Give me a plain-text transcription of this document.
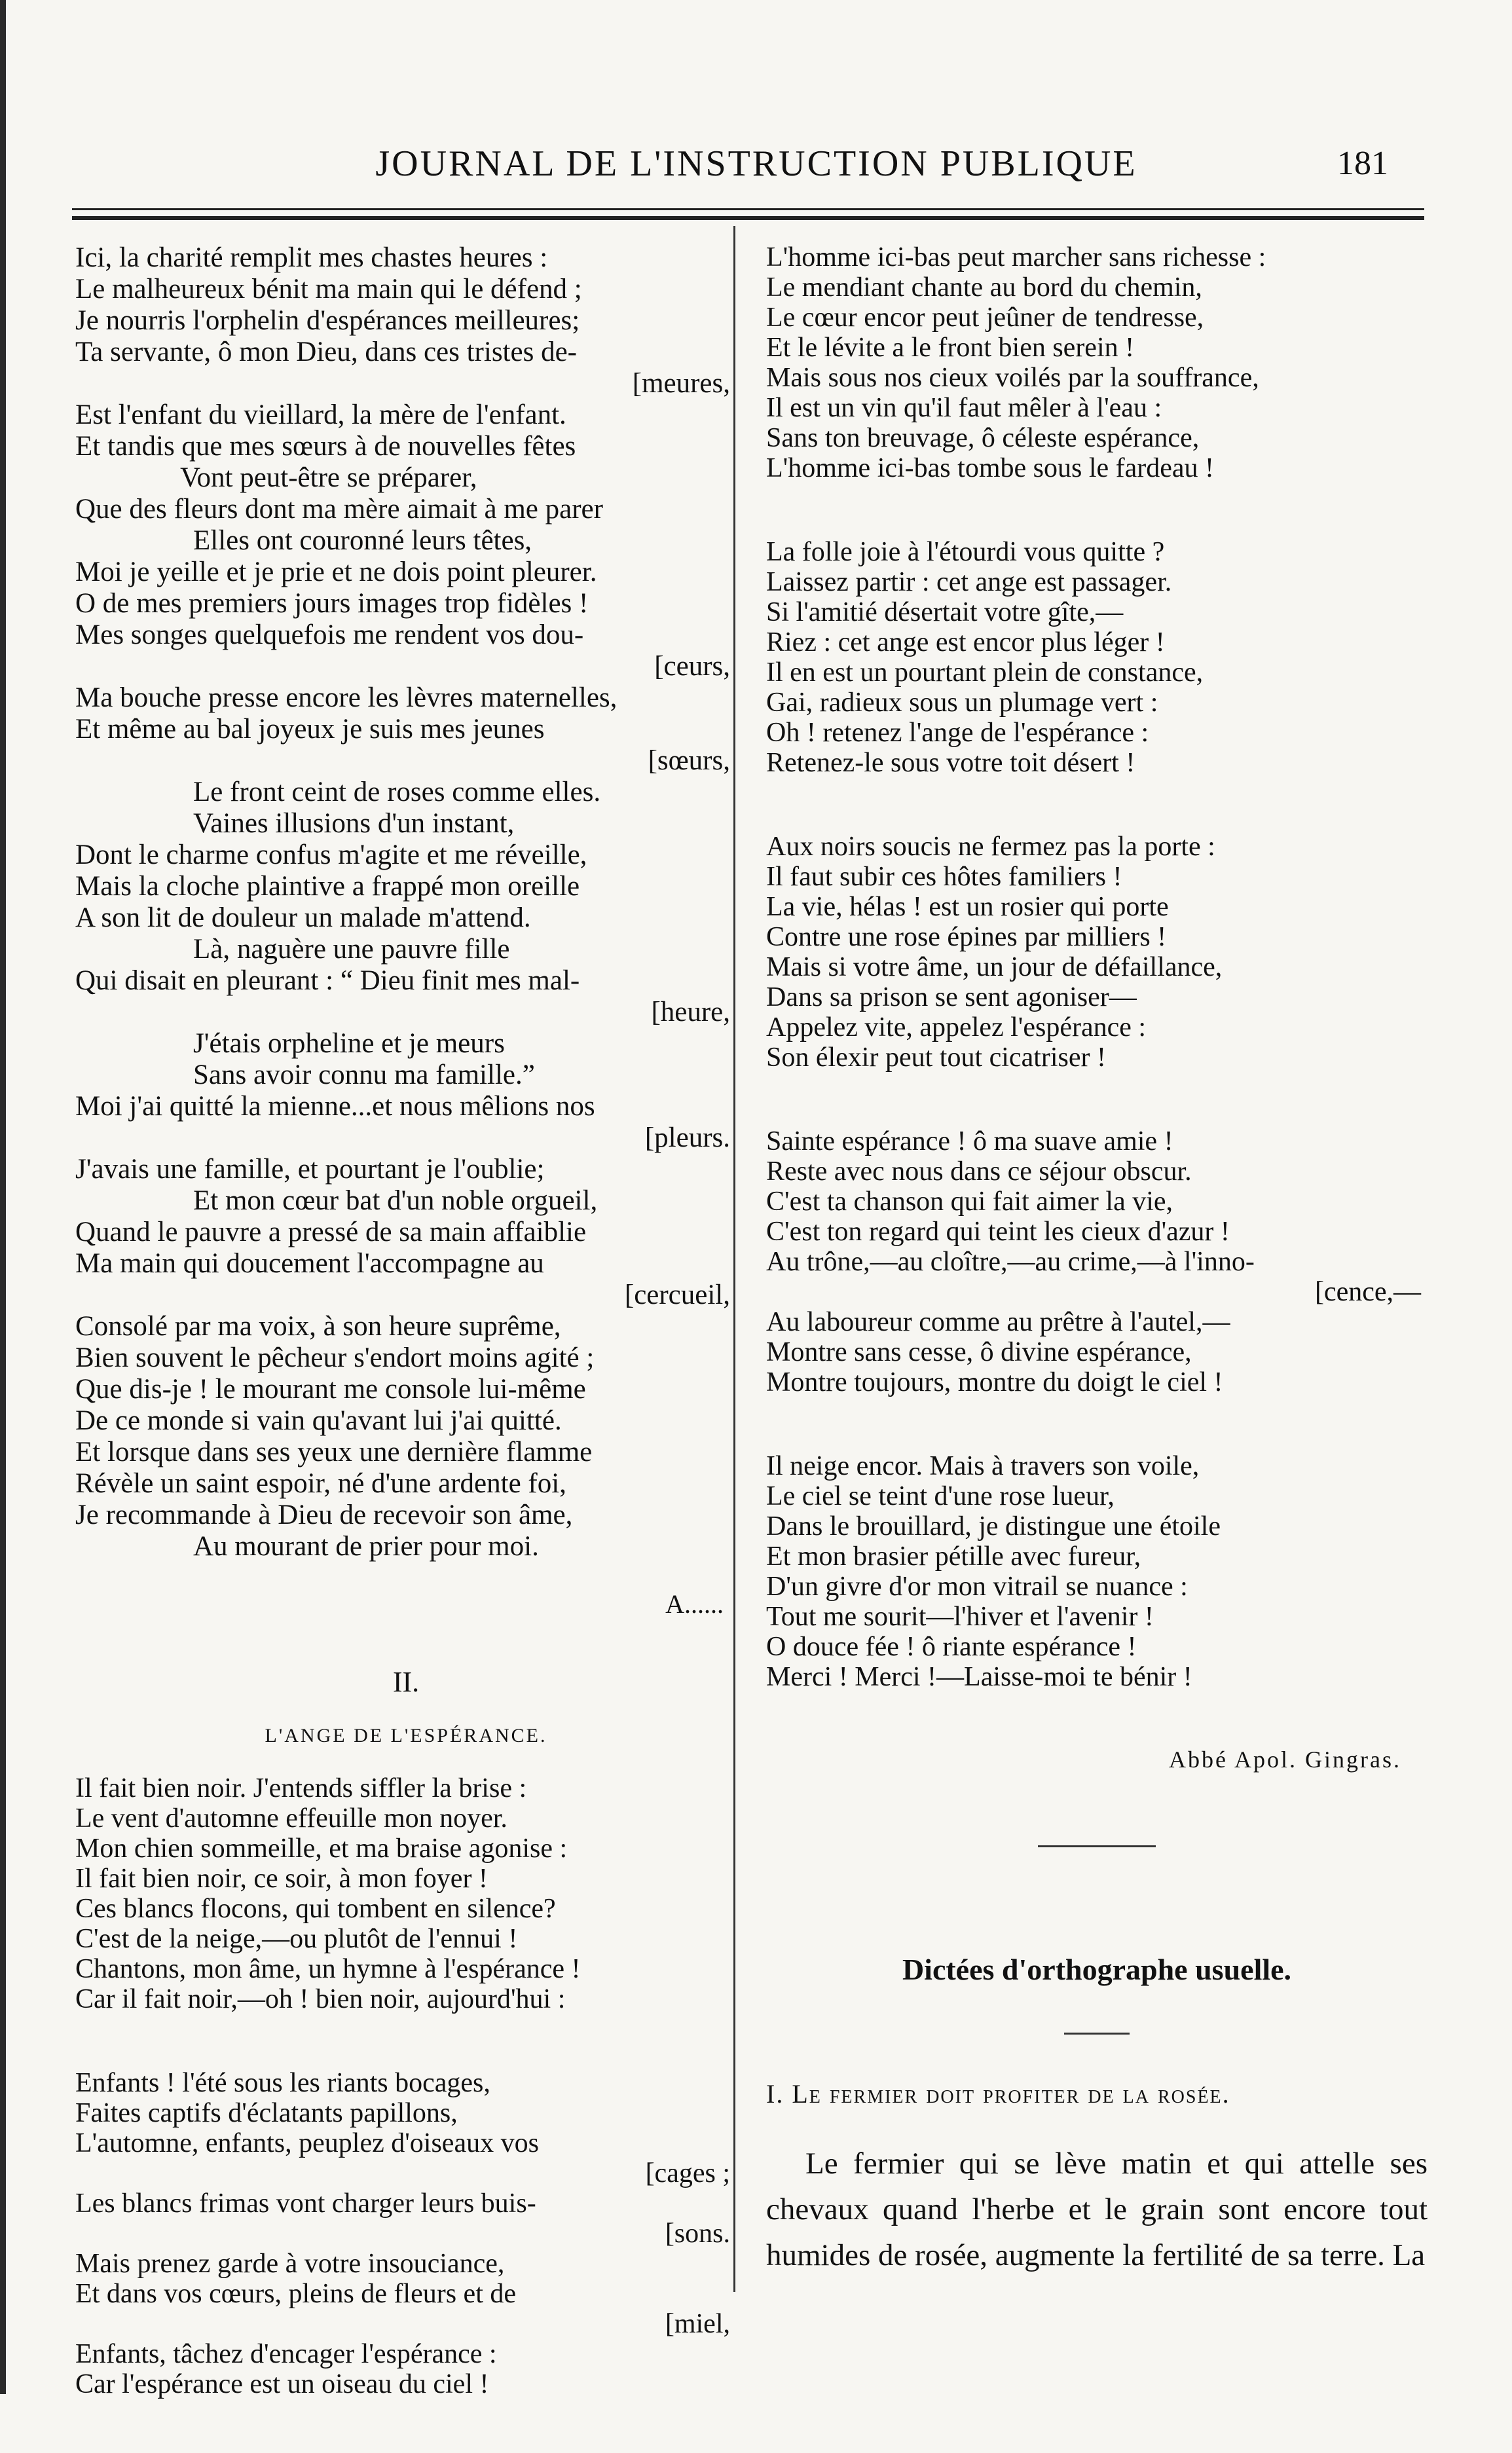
JOURNAL DE L'INSTRUCTION PUBLIQUE	181
Ici, la charité remplit mes chastes heures :
Le malheureux bénit ma main qui le défend ;
Je nourris l'orphelin d'espérances meilleures;
Ta servante, ô mon Dieu, dans ces tristes de-
[meures,
Est l'enfant du vieillard, la mère de l'enfant.
Et tandis que mes sœurs à de nouvelles fêtes
Vont peut-être se préparer,
Que des fleurs dont ma mère aimait à me parer
Elles ont couronné leurs têtes,
Moi je yeille et je prie et ne dois point pleurer.
O de mes premiers jours images trop fidèles !
Mes songes quelquefois me rendent vos dou-
[ceurs,
Ma bouche presse encore les lèvres maternelles,
Et même au bal joyeux je suis mes jeunes
[sœurs,
Le front ceint de roses comme elles.
Vaines illusions d'un instant,
Dont le charme confus m'agite et me réveille,
Mais la cloche plaintive a frappé mon oreille
A son lit de douleur un malade m'attend.
Là, naguère une pauvre fille
Qui disait en pleurant : “ Dieu finit mes mal-
[heure,
J'étais orpheline et je meurs
Sans avoir connu ma famille.”
Moi j'ai quitté la mienne...et nous mêlions nos
[pleurs.
J'avais une famille, et pourtant je l'oublie;
Et mon cœur bat d'un noble orgueil,
Quand le pauvre a pressé de sa main affaiblie
Ma main qui doucement l'accompagne au
[cercueil,
Consolé par ma voix, à son heure suprême,
Bien souvent le pêcheur s'endort moins agité ;
Que dis-je ! le mourant me console lui-même
De ce monde si vain qu'avant lui j'ai quitté.
Et lorsque dans ses yeux une dernière flamme
Révèle un saint espoir, né d'une ardente foi,
Je recommande à Dieu de recevoir son âme,
Au mourant de prier pour moi.
A......
II.
L'ANGE DE L'ESPÉRANCE.
Il fait bien noir. J'entends siffler la brise :
Le vent d'automne effeuille mon noyer.
Mon chien sommeille, et ma braise agonise :
Il fait bien noir, ce soir, à mon foyer !
Ces blancs flocons, qui tombent en silence?
C'est de la neige,—ou plutôt de l'ennui !
Chantons, mon âme, un hymne à l'espérance !
Car il fait noir,—oh ! bien noir, aujourd'hui :
Enfants ! l'été sous les riants bocages,
Faites captifs d'éclatants papillons,
L'automne, enfants, peuplez d'oiseaux vos
[cages ;
Les blancs frimas vont charger leurs buis-
[sons.
Mais prenez garde à votre insouciance,
Et dans vos cœurs, pleins de fleurs et de
[miel,
Enfants, tâchez d'encager l'espérance :
Car l'espérance est un oiseau du ciel !
L'homme ici-bas peut marcher sans richesse :
Le mendiant chante au bord du chemin,
Le cœur encor peut jeûner de tendresse,
Et le lévite a le front bien serein !
Mais sous nos cieux voilés par la souffrance,
Il est un vin qu'il faut mêler à l'eau :
Sans ton breuvage, ô céleste espérance,
L'homme ici-bas tombe sous le fardeau !
La folle joie à l'étourdi vous quitte ?
Laissez partir : cet ange est passager.
Si l'amitié désertait votre gîte,—
Riez : cet ange est encor plus léger !
Il en est un pourtant plein de constance,
Gai, radieux sous un plumage vert :
Oh ! retenez l'ange de l'espérance :
Retenez-le sous votre toit désert !
Aux noirs soucis ne fermez pas la porte :
Il faut subir ces hôtes familiers !
La vie, hélas ! est un rosier qui porte
Contre une rose épines par milliers !
Mais si votre âme, un jour de défaillance,
Dans sa prison se sent agoniser—
Appelez vite, appelez l'espérance :
Son élexir peut tout cicatriser !
Sainte espérance ! ô ma suave amie !
Reste avec nous dans ce séjour obscur.
C'est ta chanson qui fait aimer la vie,
C'est ton regard qui teint les cieux d'azur !
Au trône,—au cloître,—au crime,—à l'inno-
[cence,—
Au laboureur comme au prêtre à l'autel,—
Montre sans cesse, ô divine espérance,
Montre toujours, montre du doigt le ciel !
Il neige encor. Mais à travers son voile,
Le ciel se teint d'une rose lueur,
Dans le brouillard, je distingue une étoile
Et mon brasier pétille avec fureur,
D'un givre d'or mon vitrail se nuance :
Tout me sourit—l'hiver et l'avenir !
O douce fée ! ô riante espérance !
Merci ! Merci !—Laisse-moi te bénir !
Abbé Apol. Gingras.
Dictées d'orthographe usuelle.
I. Le fermier doit profiter de la rosée.
Le fermier qui se lève matin et qui attelle ses chevaux quand l'herbe et le grain sont encore tout humides de rosée, augmente la fertilité de sa terre. La
